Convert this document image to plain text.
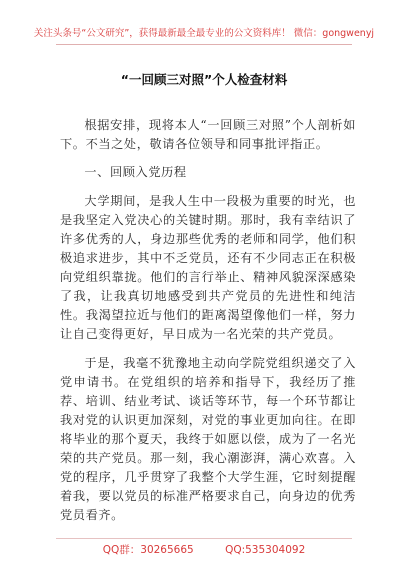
关注头条号“公文研究”，获得最新最全最专业的公文资料库！ 微信：gongwenyj
“一回顾三对照”个人检查材料

根据安排，现将本人“一回顾三对照”个人剖析如下。不当之处，敬请各位领导和同事批评指正。

一、回顾入党历程

大学期间，是我人生中一段极为重要的时光，也是我坚定入党决心的关键时期。那时，我有幸结识了许多优秀的人，身边那些优秀的老师和同学，他们积极追求进步，其中不乏党员，还有不少同志正在积极向党组织靠拢。他们的言行举止、精神风貌深深感染了我，让我真切地感受到共产党员的先进性和纯洁性。我渴望拉近与他们的距离渴望像他们一样，努力让自己变得更好，早日成为一名光荣的共产党员。

于是，我毫不犹豫地主动向学院党组织递交了入党申请书。在党组织的培养和指导下，我经历了推荐、培训、结业考试、谈话等环节，每一个环节都让我对党的认识更加深刻，对党的事业更加向往。在即将毕业的那个夏天，我终于如愿以偿，成为了一名光荣的共产党员。那一刻，我心潮澎湃，满心欢喜。入党的程序，几乎贯穿了我整个大学生涯，它时刻提醒着我，要以党员的标准严格要求自己，向身边的优秀党员看齐。

QQ群：30265665	QQ:535304092
